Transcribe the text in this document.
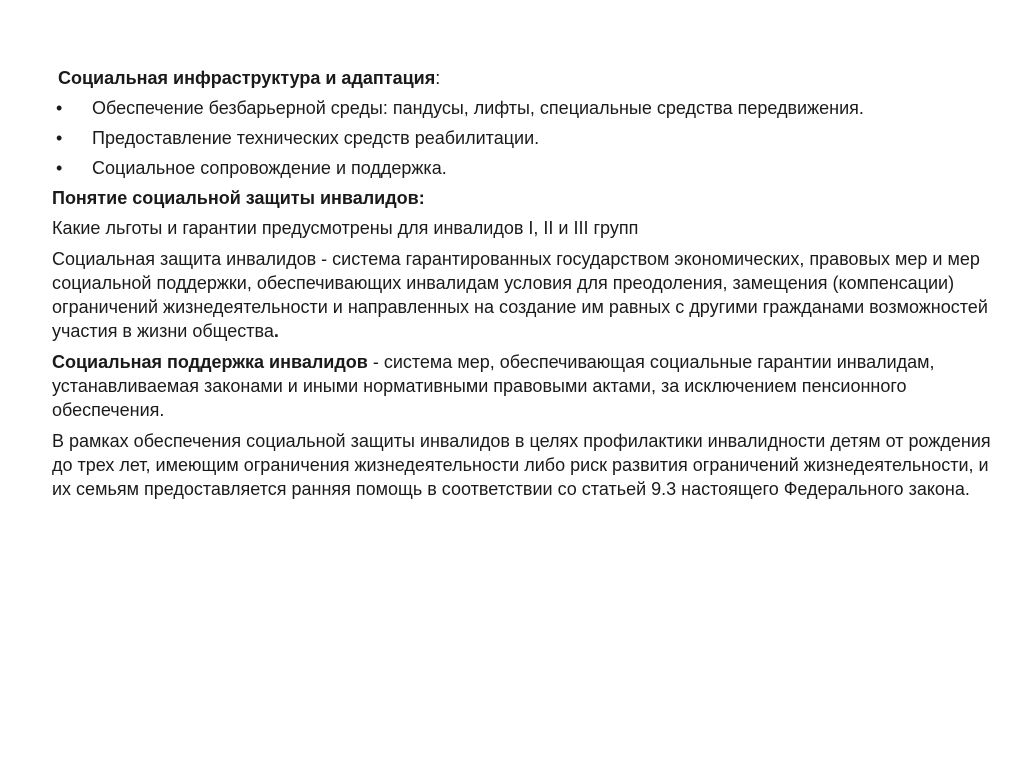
Социальная инфраструктура и адаптация:
• Обеспечение безбарьерной среды: пандусы, лифты, специальные средства передвижения.
• Предоставление технических средств реабилитации.
• Социальное сопровождение и поддержка.
Понятие социальной защиты инвалидов:

Какие льготы и гарантии предусмотрены для инвалидов I, II и III групп

Социальная защита инвалидов - система гарантированных государством экономических, правовых мер и мер социальной поддержки, обеспечивающих инвалидам условия для преодоления, замещения (компенсации) ограничений жизнедеятельности и направленных на создание им равных с другими гражданами возможностей участия в жизни общества.

Социальная поддержка инвалидов - система мер, обеспечивающая социальные гарантии инвалидам, устанавливаемая законами и иными нормативными правовыми актами, за исключением пенсионного обеспечения.

В рамках обеспечения социальной защиты инвалидов в целях профилактики инвалидности детям от рождения до трех лет, имеющим ограничения жизнедеятельности либо риск развития ограничений жизнедеятельности, и их семьям предоставляется ранняя помощь в соответствии со статьей 9.3 настоящего Федерального закона.
